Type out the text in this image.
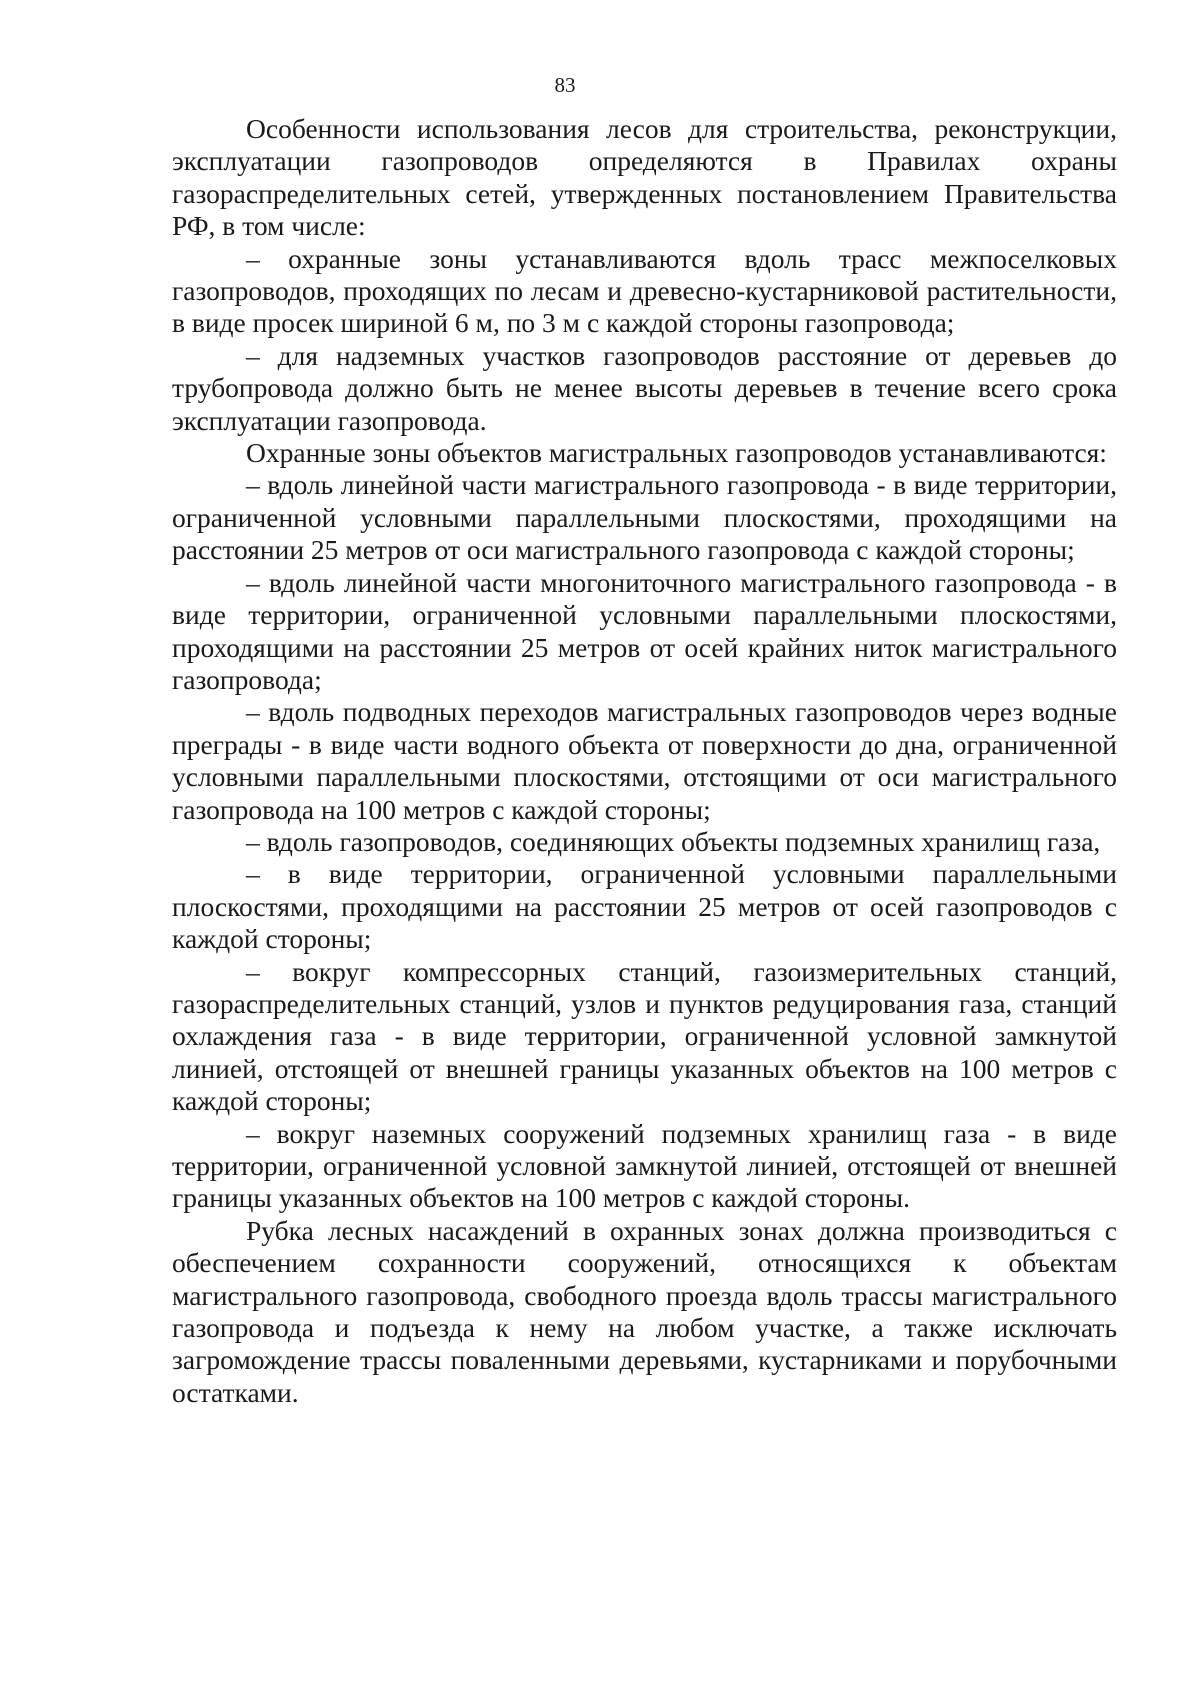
83

Особенности использования лесов для строительства, реконструкции, эксплуатации газопроводов определяются в Правилах охраны газораспределительных сетей, утвержденных постановлением Правительства РФ, в том числе:

– охранные зоны устанавливаются вдоль трасс межпоселковых газопроводов, проходящих по лесам и древесно-кустарниковой растительности, в виде просек шириной 6 м, по 3 м с каждой стороны газопровода;

– для надземных участков газопроводов расстояние от деревьев до трубопровода должно быть не менее высоты деревьев в течение всего срока эксплуатации газопровода.

Охранные зоны объектов магистральных газопроводов устанавливаются:

– вдоль линейной части магистрального газопровода - в виде территории, ограниченной условными параллельными плоскостями, проходящими на расстоянии 25 метров от оси магистрального газопровода с каждой стороны;

– вдоль линейной части многониточного магистрального газопровода - в виде территории, ограниченной условными параллельными плоскостями, проходящими на расстоянии 25 метров от осей крайних ниток магистрального газопровода;

– вдоль подводных переходов магистральных газопроводов через водные преграды - в виде части водного объекта от поверхности до дна, ограниченной условными параллельными плоскостями, отстоящими от оси магистрального газопровода на 100 метров с каждой стороны;

– вдоль газопроводов, соединяющих объекты подземных хранилищ газа,

– в виде территории, ограниченной условными параллельными плоскостями, проходящими на расстоянии 25 метров от осей газопроводов с каждой стороны;

– вокруг компрессорных станций, газоизмерительных станций, газораспределительных станций, узлов и пунктов редуцирования газа, станций охлаждения газа - в виде территории, ограниченной условной замкнутой линией, отстоящей от внешней границы указанных объектов на 100 метров с каждой стороны;

– вокруг наземных сооружений подземных хранилищ газа - в виде территории, ограниченной условной замкнутой линией, отстоящей от внешней границы указанных объектов на 100 метров с каждой стороны.

Рубка лесных насаждений в охранных зонах должна производиться с обеспечением сохранности сооружений, относящихся к объектам магистрального газопровода, свободного проезда вдоль трассы магистрального газопровода и подъезда к нему на любом участке, а также исключать загромождение трассы поваленными деревьями, кустарниками и порубочными остатками.
